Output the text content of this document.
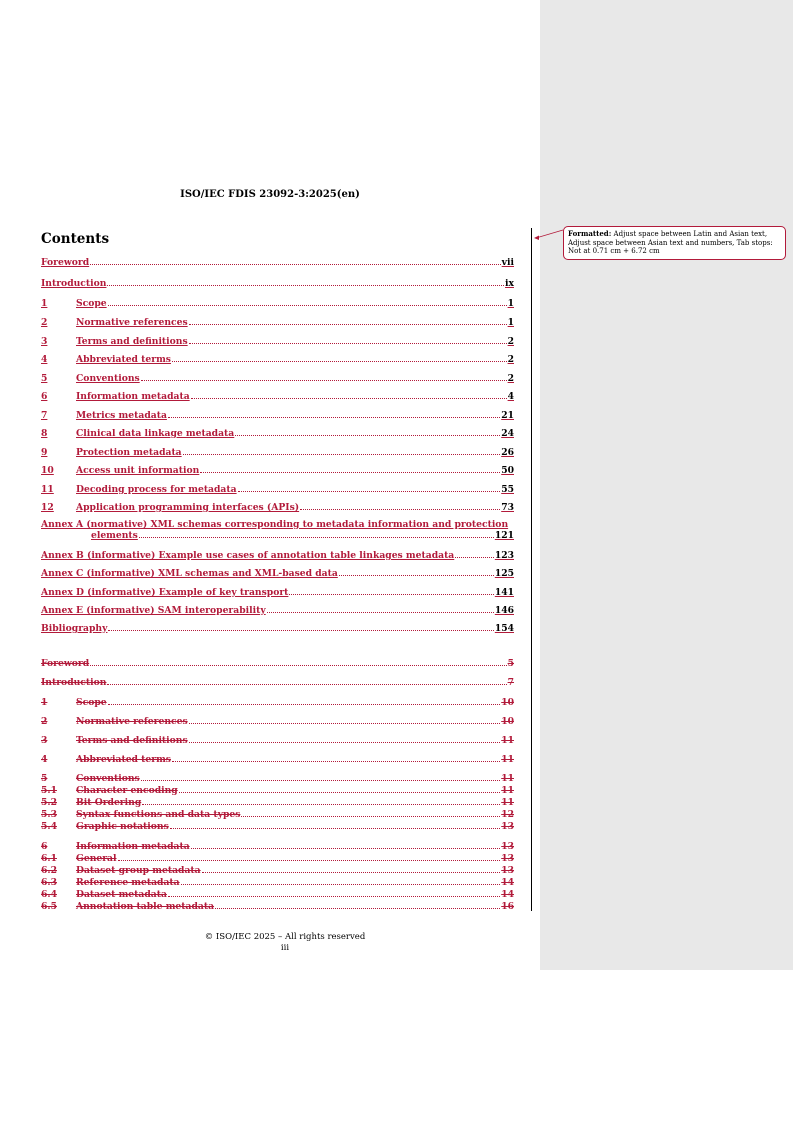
ISO/IEC FDIS 23092-3:2025(en)
Contents
Foreword	vii
Introduction	ix
1	Scope	1
2	Normative references	1
3	Terms and definitions	2
4	Abbreviated terms	2
5	Conventions	2
6	Information metadata	4
7	Metrics metadata	21
8	Clinical data linkage metadata	24
9	Protection metadata	26
10	Access unit information	50
11	Decoding process for metadata	55
12	Application programming interfaces (APIs)	73
Annex A (normative) XML schemas corresponding to metadata information and protection
elements	121
Annex B (informative) Example use cases of annotation table linkages metadata	123
Annex C (informative) XML schemas and XML-based data	125
Annex D (informative) Example of key transport	141
Annex E (informative) SAM interoperability	146
Bibliography	154
Foreword	5
Introduction	7
1	Scope	10
2	Normative references	10
3	Terms and definitions	11
4	Abbreviated terms	11
5	Conventions	11
5.1	Character encoding	11
5.2	Bit Ordering	11
5.3	Syntax functions and data types	12
5.4	Graphic notations	13
6	Information metadata	13
6.1	General	13
6.2	Dataset group metadata	13
6.3	Reference metadata	14
6.4	Dataset metadata	14
6.5	Annotation table metadata	16
© ISO/IEC 2025 – All rights reserved
iii
Formatted: Adjust space between Latin and Asian text, Adjust space between Asian text and numbers, Tab stops: Not at 0.71 cm + 6.72 cm
